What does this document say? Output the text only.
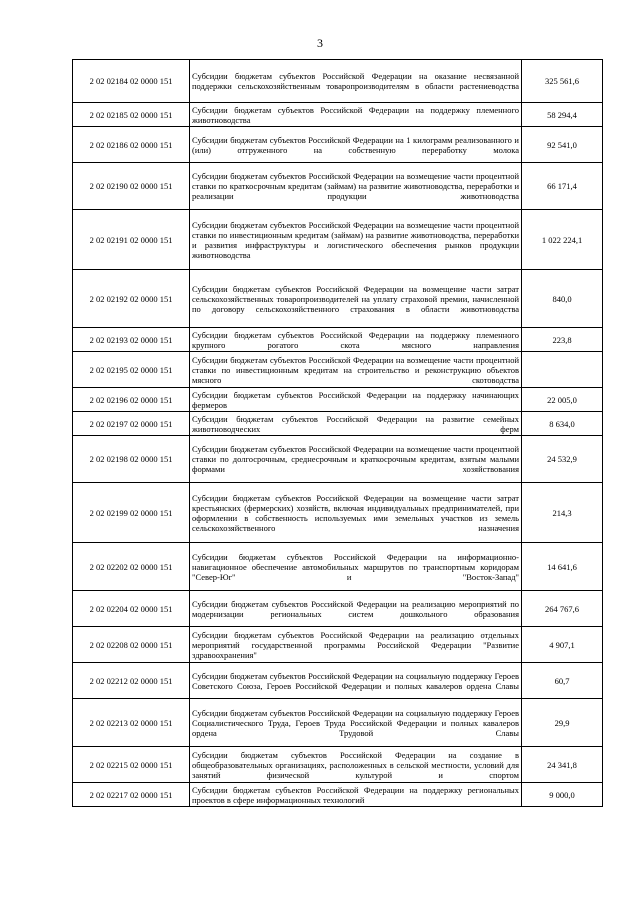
3
2 02 02184 02 0000 151	Субсидии бюджетам субъектов Российской Федерации на оказание несвязанной поддержки сельскохозяйственным товаропроизводителям в области растениеводства	325 561,6
2 02 02185 02 0000 151	Субсидии бюджетам субъектов Российской Федерации на поддержку племенного животноводства	58 294,4
2 02 02186 02 0000 151	Субсидии бюджетам субъектов Российской Федерации на 1 килограмм реализованного и (или) отгруженного на собственную переработку молока	92 541,0
2 02 02190 02 0000 151	Субсидии бюджетам субъектов Российской Федерации на возмещение части процентной ставки по краткосрочным кредитам (займам) на развитие животноводства, переработки и реализации продукции животноводства	66 171,4
2 02 02191 02 0000 151	Субсидии бюджетам субъектов Российской Федерации на возмещение части процентной ставки по инвестиционным кредитам (займам) на развитие животноводства, переработки и развития инфраструктуры и логистического обеспечения рынков продукции животноводства	1 022 224,1
2 02 02192 02 0000 151	Субсидии бюджетам субъектов Российской Федерации на возмещение части затрат сельскохозяйственных товаропроизводителей на уплату страховой премии, начисленной по договору сельскохозяйственного страхования в области животноводства	840,0
2 02 02193 02 0000 151	Субсидии бюджетам субъектов Российской Федерации на поддержку племенного крупного рогатого скота мясного направления	223,8
2 02 02195 02 0000 151	Субсидии бюджетам субъектов Российской Федерации на возмещение части процентной ставки по инвестиционным кредитам на строительство и реконструкцию объектов мясного скотоводства	
2 02 02196 02 0000 151	Субсидии бюджетам субъектов Российской Федерации на поддержку начинающих фермеров	22 005,0
2 02 02197 02 0000 151	Субсидии бюджетам субъектов Российской Федерации на развитие семейных животноводческих ферм	8 634,0
2 02 02198 02 0000 151	Субсидии бюджетам субъектов Российской Федерации на возмещение части процентной ставки по долгосрочным, среднесрочным и краткосрочным кредитам, взятым малыми формами хозяйствования	24 532,9
2 02 02199 02 0000 151	Субсидии бюджетам субъектов Российской Федерации на возмещение части затрат крестьянских (фермерских) хозяйств, включая индивидуальных предпринимателей, при оформлении в собственность используемых ими земельных участков из земель сельскохозяйственного назначения	214,3
2 02 02202 02 0000 151	Субсидии бюджетам субъектов Российской Федерации на информационно-навигационное обеспечение автомобильных маршрутов по транспортным коридорам "Север-Юг" и "Восток-Запад"	14 641,6
2 02 02204 02 0000 151	Субсидии бюджетам субъектов Российской Федерации на реализацию мероприятий по модернизации региональных систем дошкольного образования	264 767,6
2 02 02208 02 0000 151	Субсидии бюджетам субъектов Российской Федерации на реализацию отдельных мероприятий государственной программы Российской Федерации "Развитие здравоохранения"	4 907,1
2 02 02212 02 0000 151	Субсидии бюджетам субъектов Российской Федерации на социальную поддержку Героев Советского Союза, Героев Российской Федерации и полных кавалеров ордена Славы	60,7
2 02 02213 02 0000 151	Субсидии бюджетам субъектов Российской Федерации на социальную поддержку Героев Социалистического Труда, Героев Труда Российской Федерации и полных кавалеров ордена Трудовой Славы	29,9
2 02 02215 02 0000 151	Субсидии бюджетам субъектов Российской Федерации на создание в общеобразовательных организациях, расположенных в сельской местности, условий для занятий физической культурой и спортом	24 341,8
2 02 02217 02 0000 151	Субсидии бюджетам субъектов Российской Федерации на поддержку региональных проектов в сфере информационных технологий	9 000,0
